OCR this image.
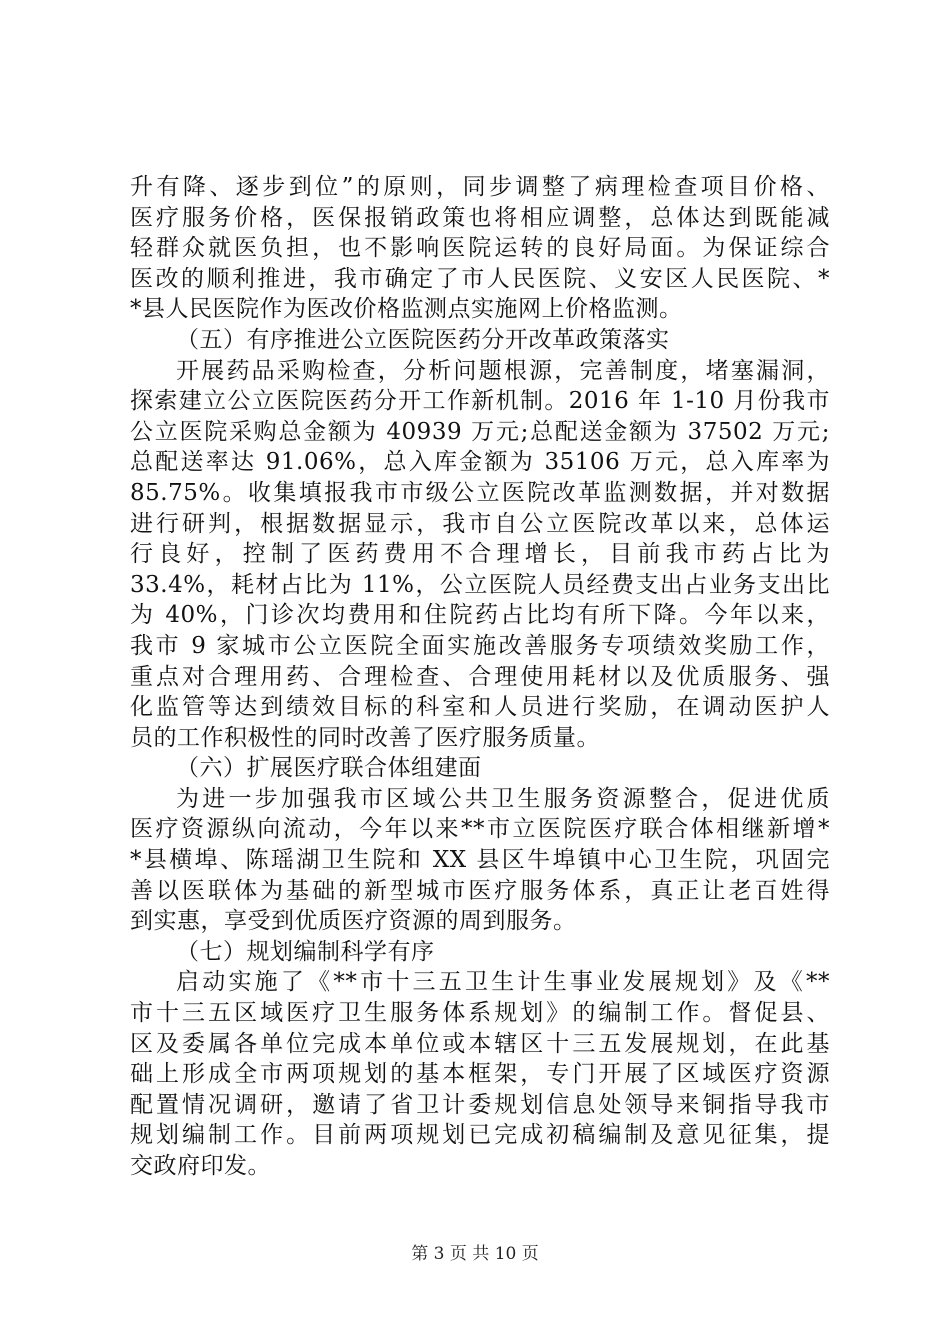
升有降、逐步到位”的原则，同步调整了病理检查项目价格、
医疗服务价格，医保报销政策也将相应调整，总体达到既能减
轻群众就医负担，也不影响医院运转的良好局面。为保证综合
医改的顺利推进，我市确定了市人民医院、义安区人民医院、*
*县人民医院作为医改价格监测点实施网上价格监测。
（五）有序推进公立医院医药分开改革政策落实
开展药品采购检查，分析问题根源，完善制度，堵塞漏洞，
探索建立公立医院医药分开工作新机制。2016 年 1-10 月份我市
公立医院采购总金额为 40939 万元;总配送金额为 37502 万元;
总配送率达 91.06%，总入库金额为 35106 万元，总入库率为
85.75%。收集填报我市市级公立医院改革监测数据，并对数据
进行研判，根据数据显示，我市自公立医院改革以来，总体运
行良好，控制了医药费用不合理增长，目前我市药占比为
33.4%，耗材占比为 11%，公立医院人员经费支出占业务支出比
为 40%，门诊次均费用和住院药占比均有所下降。今年以来，
我市 9 家城市公立医院全面实施改善服务专项绩效奖励工作，
重点对合理用药、合理检查、合理使用耗材以及优质服务、强
化监管等达到绩效目标的科室和人员进行奖励，在调动医护人
员的工作积极性的同时改善了医疗服务质量。
（六）扩展医疗联合体组建面
为进一步加强我市区域公共卫生服务资源整合，促进优质
医疗资源纵向流动，今年以来**市立医院医疗联合体相继新增*
*县横埠、陈瑶湖卫生院和 XX 县区牛埠镇中心卫生院，巩固完
善以医联体为基础的新型城市医疗服务体系，真正让老百姓得
到实惠，享受到优质医疗资源的周到服务。
（七）规划编制科学有序
启动实施了《**市十三五卫生计生事业发展规划》及《**
市十三五区域医疗卫生服务体系规划》的编制工作。督促县、
区及委属各单位完成本单位或本辖区十三五发展规划，在此基
础上形成全市两项规划的基本框架，专门开展了区域医疗资源
配置情况调研，邀请了省卫计委规划信息处领导来铜指导我市
规划编制工作。目前两项规划已完成初稿编制及意见征集，提
交政府印发。
第 3 页 共 10 页
